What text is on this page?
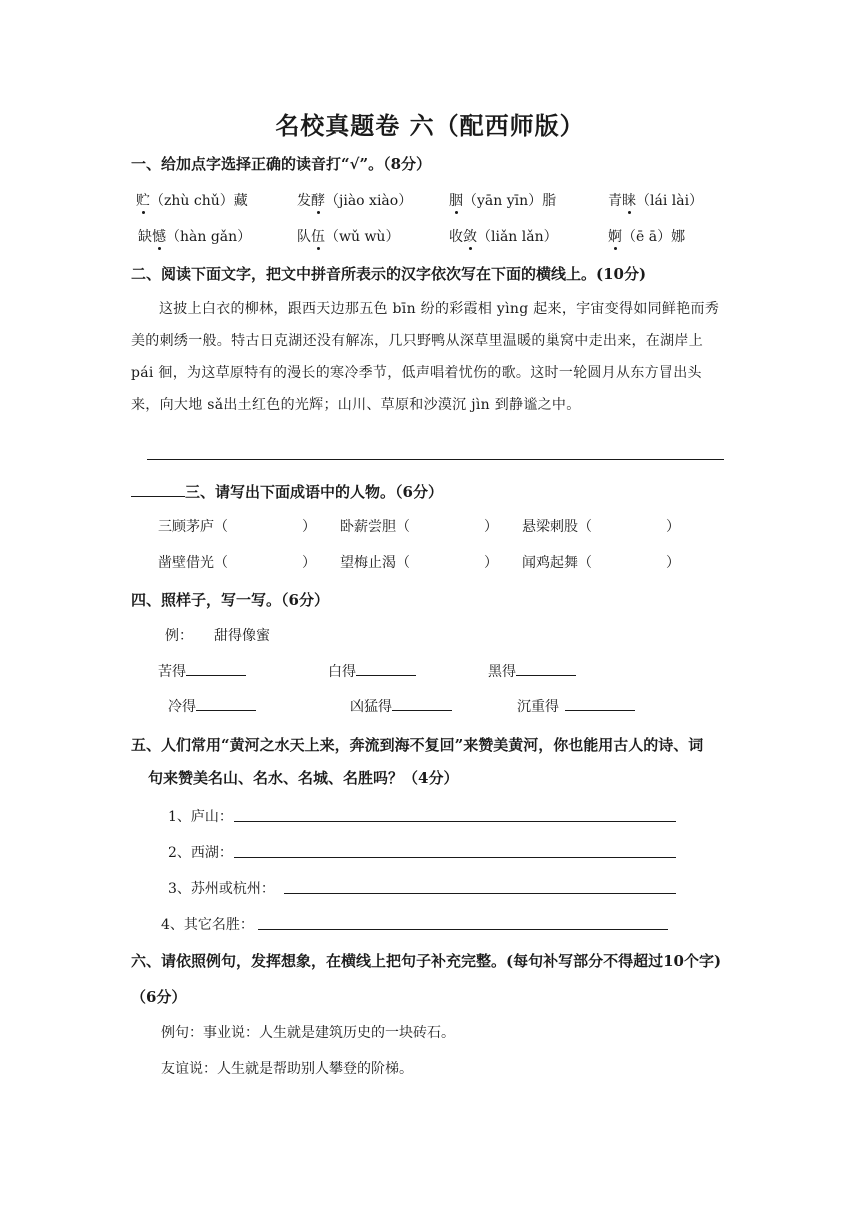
名校真题卷 六（配西师版）
一、给加点字选择正确的读音打“√”。（8分）
贮（zhù chǔ）藏	发酵（jiào xiào）	胭（yān yīn）脂	青睐（lái lài）
缺憾（hàn gǎn）	队伍（wǔ wù）	收敛（liǎn lǎn）	婀（ē ā）娜
二、阅读下面文字，把文中拼音所表示的汉字依次写在下面的横线上。(10分)
这披上白衣的柳林，跟西天边那五色 bīn 纷的彩霞相 yìng 起来，宇宙变得如同鲜艳而秀美的刺绣一般。特古日克湖还没有解冻，几只野鸭从深草里温暖的巢窝中走出来，在湖岸上 pái 徊，为这草原特有的漫长的寒冷季节，低声唱着忧伤的歌。这时一轮圆月从东方冒出头来，向大地 sǎ出土红色的光辉；山川、草原和沙漠沉 jìn 到静谧之中。
三、请写出下面成语中的人物。（6分）
三顾茅庐（	） 卧薪尝胆（	） 悬梁刺股（	）
凿壁借光（	） 望梅止渴（	） 闻鸡起舞（	）
四、照样子，写一写。（6分）
例： 甜得像蜜
苦得	白得	黑得
冷得	凶猛得	沉重得
五、人们常用“黄河之水天上来，奔流到海不复回”来赞美黄河，你也能用古人的诗、词
句来赞美名山、名水、名城、名胜吗？（4分）
1、庐山：
2、西湖：
3、苏州或杭州：
4、其它名胜：
六、请依照例句，发挥想象，在横线上把句子补充完整。(每句补写部分不得超过10个字)
（6分）
例句：事业说：人生就是建筑历史的一块砖石。
友谊说：人生就是帮助别人攀登的阶梯。
